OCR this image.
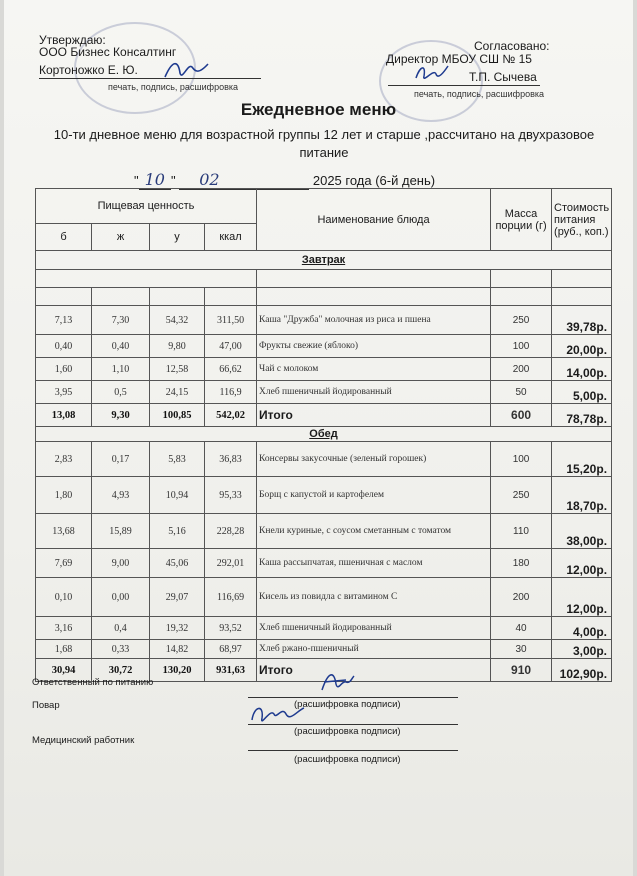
Утверждаю:
ООО Бизнес Консалтинг
Кортоножко Е. Ю.
печать, подпись, расшифровка
Согласовано:
Директор МБОУ СШ № 15
Т.П. Сычева
печать, подпись, расшифровка
Ежедневное меню
10-ти дневное меню для возрастной группы 12 лет и старше ,рассчитано на двухразовое питание
" 10 " 02	2025 года (6-й день)
Пищевая ценность				Наименование блюда	Масса порции (г)	Стоимость питания (руб., коп.)
б	ж	у	ккал			
Завтрак						

7,13	7,30	54,32	311,50	Каша "Дружба" молочная из риса и пшена	250	39,78р.
0,40	0,40	9,80	47,00	Фрукты свежие (яблоко)	100	20,00р.
1,60	1,10	12,58	66,62	Чай с молоком	200	14,00р.
3,95	0,5	24,15	116,9	Хлеб пшеничный йодированный	50	5,00р.
13,08	9,30	100,85	542,02	Итого	600	78,78р.
Обед						
2,83	0,17	5,83	36,83	Консервы закусочные (зеленый горошек)	100	15,20р.
1,80	4,93	10,94	95,33	Борщ с капустой и картофелем	250	18,70р.
13,68	15,89	5,16	228,28	Кнели куриные, с соусом сметанным с томатом	110	38,00р.
7,69	9,00	45,06	292,01	Каша рассыпчатая, пшеничная с маслом	180	12,00р.
0,10	0,00	29,07	116,69	Кисель из повидла с витамином С	200	12,00р.
3,16	0,4	19,32	93,52	Хлеб пшеничный йодированный	40	4,00р.
1,68	0,33	14,82	68,97	Хлеб ржано-пшеничный	30	3,00р.
30,94	30,72	130,20	931,63	Итого	910	102,90р.
Ответственный по питанию
(расшифровка подписи)
Повар
(расшифровка подписи)
Медицинский работник
(расшифровка подписи)
